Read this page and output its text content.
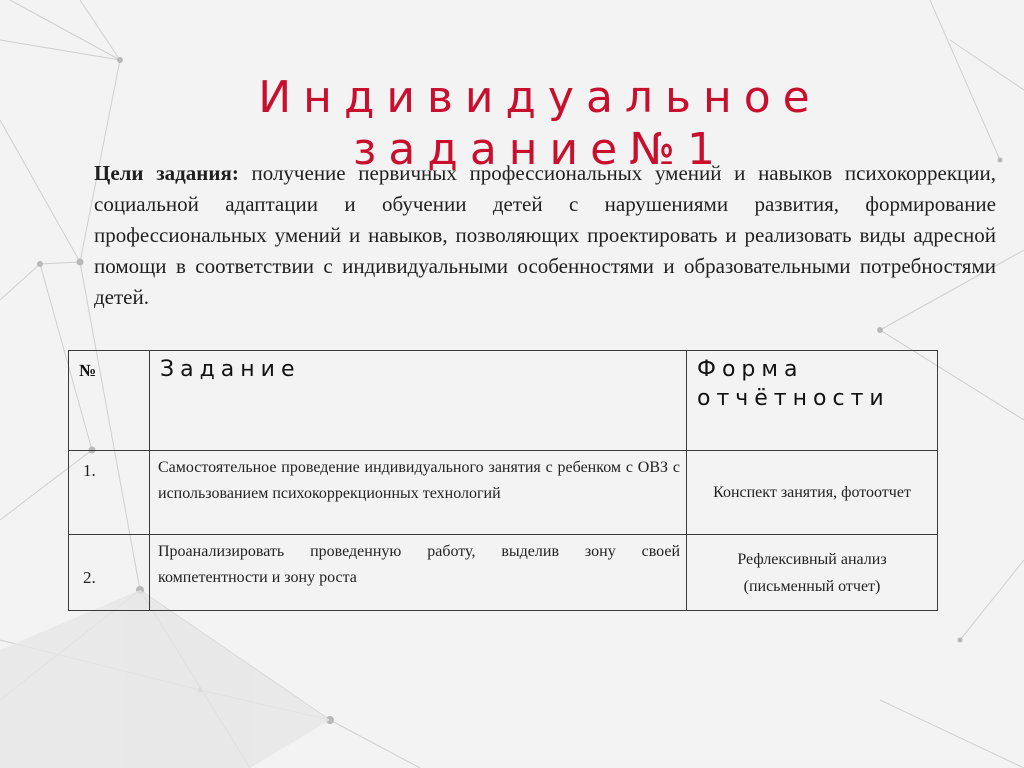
Индивидуальное задание№1
Цели задания: получение первичных профессиональных умений и навыков психокоррекции, социальной адаптации и обучении детей с нарушениями развития, формирование профессиональных умений и навыков, позволяющих проектировать и реализовать виды адресной помощи в соответствии с индивидуальными особенностями и образовательными потребностями детей.
№	Задание	Форма отчётности
1.	Самостоятельное проведение индивидуального занятия с ребенком с ОВЗ с использованием психокоррекционных технологий	Конспект занятия, фотоотчет
2.	Проанализировать проведенную работу, выделив зону своей компетентности и зону роста	Рефлексивный анализ (письменный отчет)
